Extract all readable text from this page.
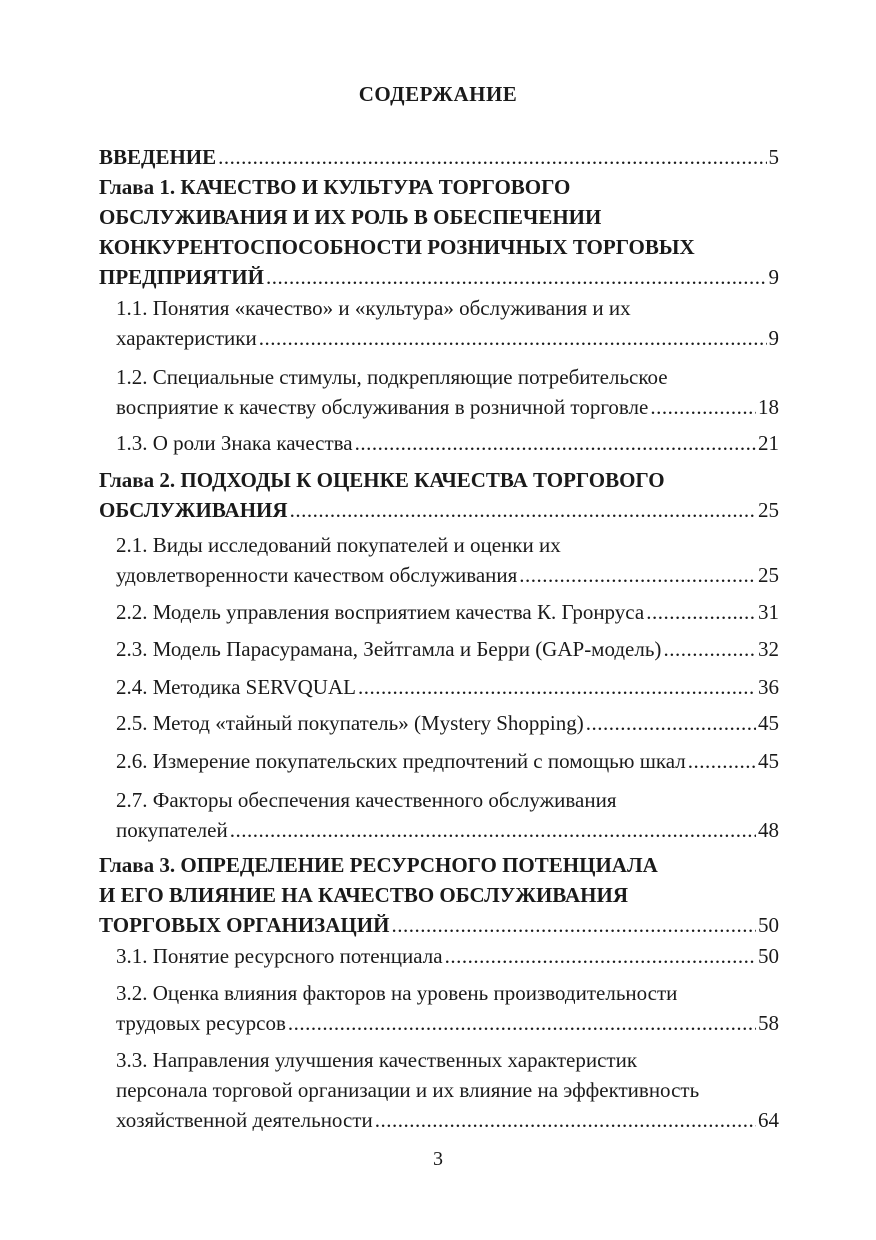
СОДЕРЖАНИЕ
ВВЕДЕНИЕ .....	5
Глава 1. КАЧЕСТВО И КУЛЬТУРА ТОРГОВОГО
ОБСЛУЖИВАНИЯ И ИХ РОЛЬ В ОБЕСПЕЧЕНИИ
КОНКУРЕНТОСПОСОБНОСТИ РОЗНИЧНЫХ ТОРГОВЫХ
ПРЕДПРИЯТИЙ .....	9
1.1. Понятия «качество» и «культура» обслуживания и их
характеристики .....	9
1.2. Специальные стимулы, подкрепляющие потребительское
восприятие к качеству обслуживания в розничной торговле .....	18
1.3. О роли Знака качества .....	21
Глава 2. ПОДХОДЫ К ОЦЕНКЕ КАЧЕСТВА ТОРГОВОГО
ОБСЛУЖИВАНИЯ .....	25
2.1. Виды исследований покупателей и оценки их
удовлетворенности качеством обслуживания .....	25
2.2. Модель управления восприятием качества К. Гронруса .....	31
2.3. Модель Парасурамана, Зейтгамла и Берри (GAP-модель) .....	32
2.4. Методика SERVQUAL .....	36
2.5. Метод «тайный покупатель» (Mystery Shopping) .....	45
2.6. Измерение покупательских предпочтений с помощью шкал .....	45
2.7. Факторы обеспечения качественного обслуживания
покупателей .....	48
Глава 3. ОПРЕДЕЛЕНИЕ РЕСУРСНОГО ПОТЕНЦИАЛА
И ЕГО ВЛИЯНИЕ НА КАЧЕСТВО ОБСЛУЖИВАНИЯ
ТОРГОВЫХ ОРГАНИЗАЦИЙ .....	50
3.1. Понятие ресурсного потенциала .....	50
3.2. Оценка влияния факторов на уровень производительности
трудовых ресурсов .....	58
3.3. Направления улучшения качественных характеристик
персонала торговой организации и их влияние на эффективность
хозяйственной деятельности .....	64

3
